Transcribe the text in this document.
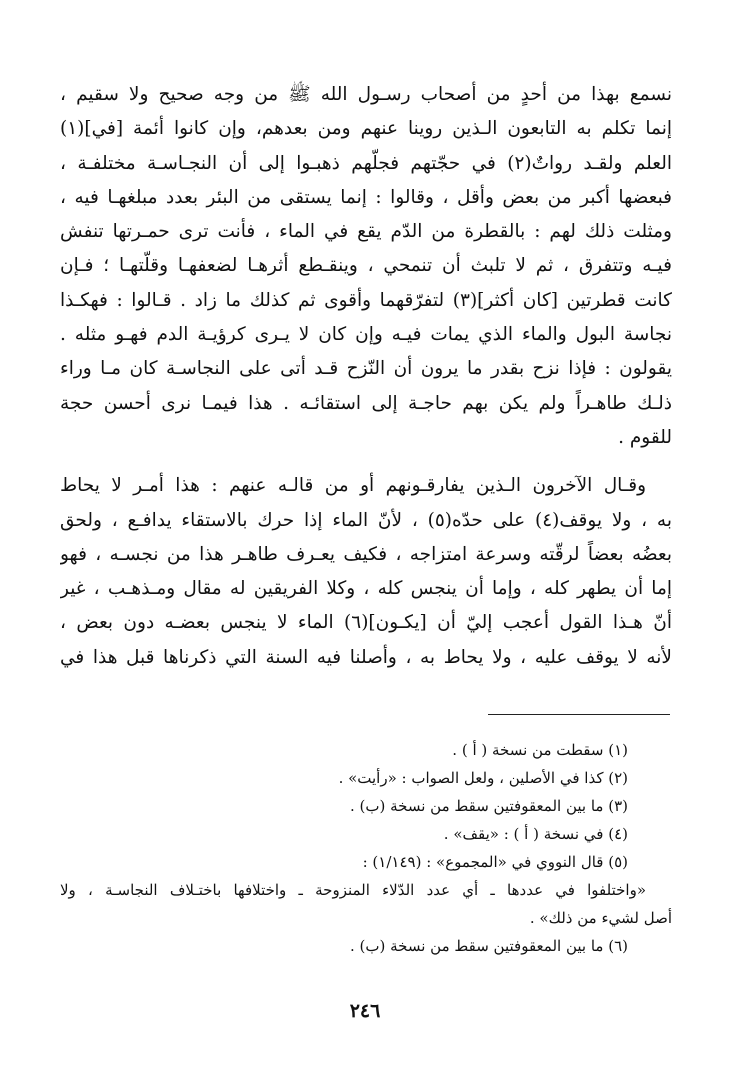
نسمع بهذا من أحدٍ من أصحاب رسـول الله ﷺ من وجه صحيح ولا سقيم ،
إنما تكلم به التابعون الـذين روينا عنهم ومن بعدهم، وإن كانوا أئمة [في](١)
العلم ولقـد رواتٌ(٢) في حجّتهم فجلّهم ذهبـوا إلى أن النجـاسـة مختلفـة ،
فبعضها أكبر من بعض وأقل ، وقالوا : إنما يستقى من البئر بعدد مبلغهـا فيه ،
ومثلت ذلك لهم : بالقطرة من الدّم يقع في الماء ، فأنت ترى حمـرتها تنفش
فيـه وتتفرق ، ثم لا تلبث أن تنمحي ، وينقـطع أثرهـا لضعفهـا وقلّتهـا ؛ فـإن
كانت قطرتين [كان أكثر](٣) لتفرّقهما وأقوى ثم كذلك ما زاد . قـالوا : فهكـذا
نجاسة البول والماء الذي يمات فيـه وإن كان لا يـرى كرؤيـة الدم فهـو مثله .
يقولون : فإذا نزح بقدر ما يرون أن النّزح قـد أتى على النجاسـة كان مـا وراء
ذلـك طاهـراً ولم يكن بهم حاجـة إلى استقائـه . هذا فيمـا نرى أحسن حجة
للقوم .
وقـال الآخرون الـذين يفارقـونهم أو من قالـه عنهم : هذا أمـر لا يحاط
به ، ولا يوقف(٤) على حدّه(٥) ، لأنّ الماء إذا حرك بالاستقاء يدافـع ، ولحق
بعضُه بعضاً لرقّته وسرعة امتزاجه ، فكيف يعـرف طاهـر هذا من نجسـه ، فهو
إما أن يطهر كله ، وإما أن ينجس كله ، وكلا الفريقين له مقال ومـذهـب ، غير
أنّ هـذا القول أعجب إليّ أن [يكـون](٦) الماء لا ينجس بعضـه دون بعض ،
لأنه لا يوقف عليه ، ولا يحاط به ، وأصلنا فيه السنة التي ذكرناها قبل هذا في
(١) سقطت من نسخة ( أ ) .
(٢) كذا في الأصلين ، ولعل الصواب : «رأيت» .
(٣) ما بين المعقوفتين سقط من نسخة (ب) .
(٤) في نسخة ( أ ) : «يقف» .
(٥) قال النووي في «المجموع» : (١/١٤٩) :
«واختلفوا في عددها ـ أي عدد الدّلاء المنزوحة ـ واختلافها باختـلاف النجاسـة ، ولا
أصل لشيء من ذلك» .
(٦) ما بين المعقوفتين سقط من نسخة (ب) .
٢٤٦
